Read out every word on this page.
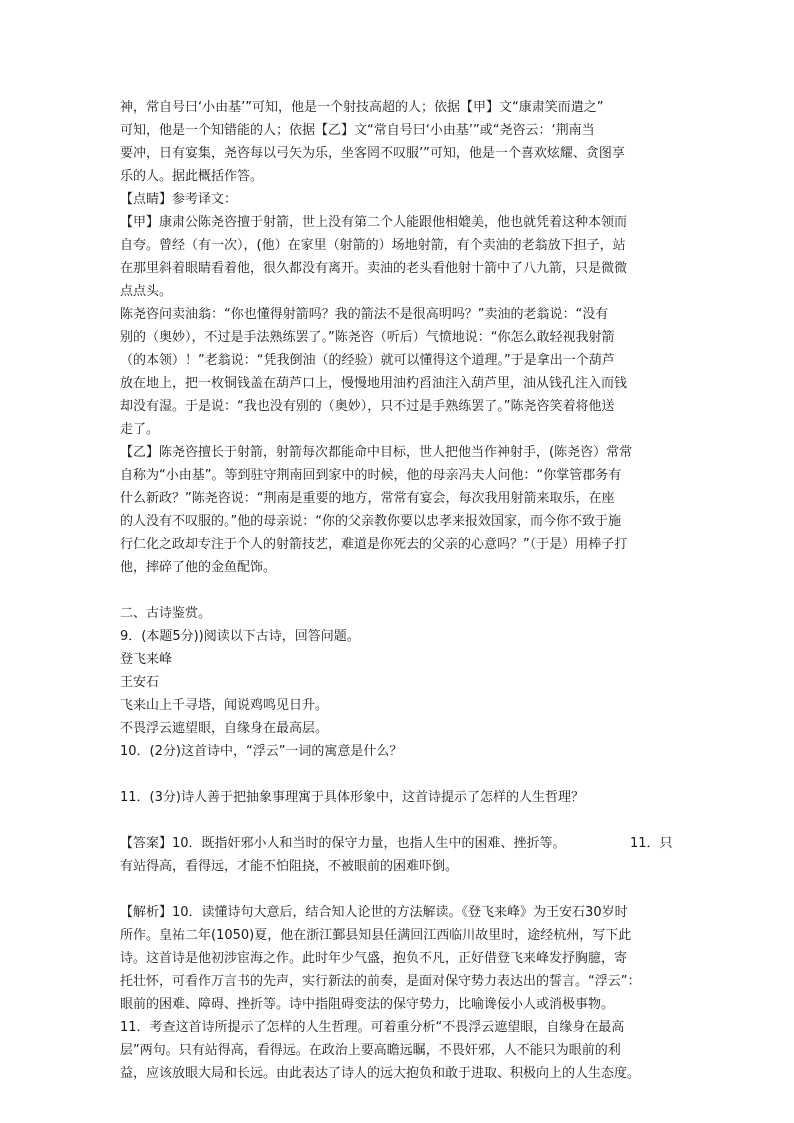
神，常自号曰‘小由基’”可知，他是一个射技高超的人；依据【甲】文“康肃笑而遣之”
可知，他是一个知错能的人；依据【乙】文“常自号曰‘小由基’”或“尧咨云：‘荆南当
要冲，日有宴集，尧咨每以弓矢为乐，坐客罔不叹服’”可知，他是一个喜欢炫耀、贪图享
乐的人。据此概括作答。
【点睛】参考译文：
【甲】康肃公陈尧咨擅于射箭，世上没有第二个人能跟他相媲美，他也就凭着这种本领而
自夸。曾经（有一次），(他）在家里（射箭的）场地射箭，有个卖油的老翁放下担子，站
在那里斜着眼睛看着他，很久都没有离开。卖油的老头看他射十箭中了八九箭，只是微微
点点头。
陈尧咨问卖油翁：“你也懂得射箭吗？我的箭法不是很高明吗？”卖油的老翁说：“没有
别的（奥妙），不过是手法熟练罢了。”陈尧咨（听后）气愤地说：“你怎么敢轻视我射箭
（的本领）！”老翁说：“凭我倒油（的经验）就可以懂得这个道理。”于是拿出一个葫芦
放在地上，把一枚铜钱盖在葫芦口上，慢慢地用油杓舀油注入葫芦里，油从钱孔注入而钱
却没有湿。于是说：“我也没有别的（奥妙），只不过是手熟练罢了。”陈尧咨笑着将他送
走了。
【乙】陈尧咨擅长于射箭，射箭每次都能命中目标，世人把他当作神射手，(陈尧咨）常常
自称为“小由基”。等到驻守荆南回到家中的时候，他的母亲冯夫人问他：“你掌管郡务有
什么新政？”陈尧咨说：“荆南是重要的地方，常常有宴会，每次我用射箭来取乐，在座
的人没有不叹服的。”他的母亲说：“你的父亲教你要以忠孝来报效国家，而今你不致于施
行仁化之政却专注于个人的射箭技艺，难道是你死去的父亲的心意吗？”（于是）用棒子打
他，摔碎了他的金鱼配饰。
二、古诗鉴赏。
9．(本题5分))阅读以下古诗，回答问题。
登飞来峰
王安石
飞来山上千寻塔，闻说鸡鸣见日升。
不畏浮云遮望眼，自缘身在最高层。
10．(2分)这首诗中，“浮云”一词的寓意是什么？
11．(3分)诗人善于把抽象事理寓于具体形象中，这首诗提示了怎样的人生哲理？
【答案】10．既指奸邪小人和当时的保守力量，也指人生中的困难、挫折等。	11．只
有站得高，看得远，才能不怕阻挠，不被眼前的困难吓倒。
【解析】10．读懂诗句大意后，结合知人论世的方法解读。《登飞来峰》为王安石30岁时
所作。皇祐二年(1050)夏，他在浙江鄞县知县任满回江西临川故里时，途经杭州，写下此
诗。这首诗是他初涉宦海之作。此时年少气盛，抱负不凡，正好借登飞来峰发抒胸臆，寄
托壮怀，可看作万言书的先声，实行新法的前奏，是面对保守势力表达出的誓言。“浮云”：
眼前的困难、障碍、挫折等。诗中指阻碍变法的保守势力，比喻谗佞小人或消极事物。
11．考查这首诗所提示了怎样的人生哲理。可着重分析“不畏浮云遮望眼，自缘身在最高
层”两句。只有站得高，看得远。在政治上要高瞻远瞩，不畏奸邪，人不能只为眼前的利
益，应该放眼大局和长远。由此表达了诗人的远大抱负和敢于进取、积极向上的人生态度。
